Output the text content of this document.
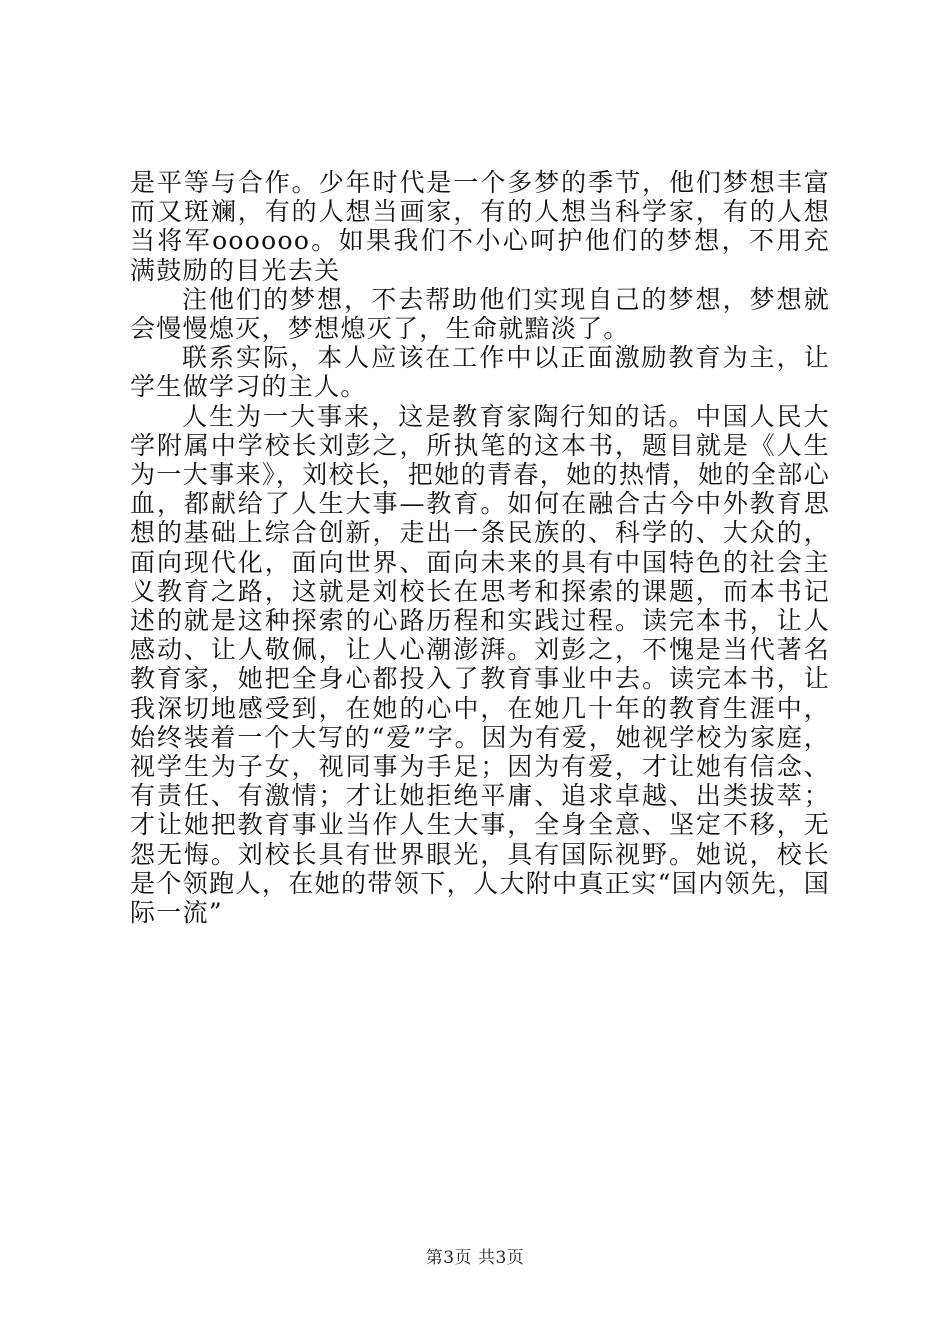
是平等与合作。少年时代是一个多梦的季节，他们梦想丰富而又斑斓，有的人想当画家，有的人想当科学家，有的人想当将军oooooo。如果我们不小心呵护他们的梦想，不用充满鼓励的目光去关

注他们的梦想，不去帮助他们实现自己的梦想，梦想就会慢慢熄灭，梦想熄灭了，生命就黯淡了。

联系实际，本人应该在工作中以正面激励教育为主，让学生做学习的主人。

人生为一大事来，这是教育家陶行知的话。中国人民大学附属中学校长刘彭之，所执笔的这本书，题目就是《人生为一大事来》，刘校长，把她的青春，她的热情，她的全部心血，都献给了人生大事—教育。如何在融合古今中外教育思想的基础上综合创新，走出一条民族的、科学的、大众的，面向现代化，面向世界、面向未来的具有中国特色的社会主义教育之路，这就是刘校长在思考和探索的课题，而本书记述的就是这种探索的心路历程和实践过程。读完本书，让人感动、让人敬佩，让人心潮澎湃。刘彭之，不愧是当代著名教育家，她把全身心都投入了教育事业中去。读完本书，让我深切地感受到，在她的心中，在她几十年的教育生涯中，始终装着一个大写的“爱”字。因为有爱，她视学校为家庭，视学生为子女，视同事为手足；因为有爱，才让她有信念、有责任、有激情；才让她拒绝平庸、追求卓越、出类拔萃；才让她把教育事业当作人生大事，全身全意、坚定不移，无怨无悔。刘校长具有世界眼光，具有国际视野。她说，校长是个领跑人，在她的带领下，人大附中真正实“国内领先，国际一流”

第3页 共3页
